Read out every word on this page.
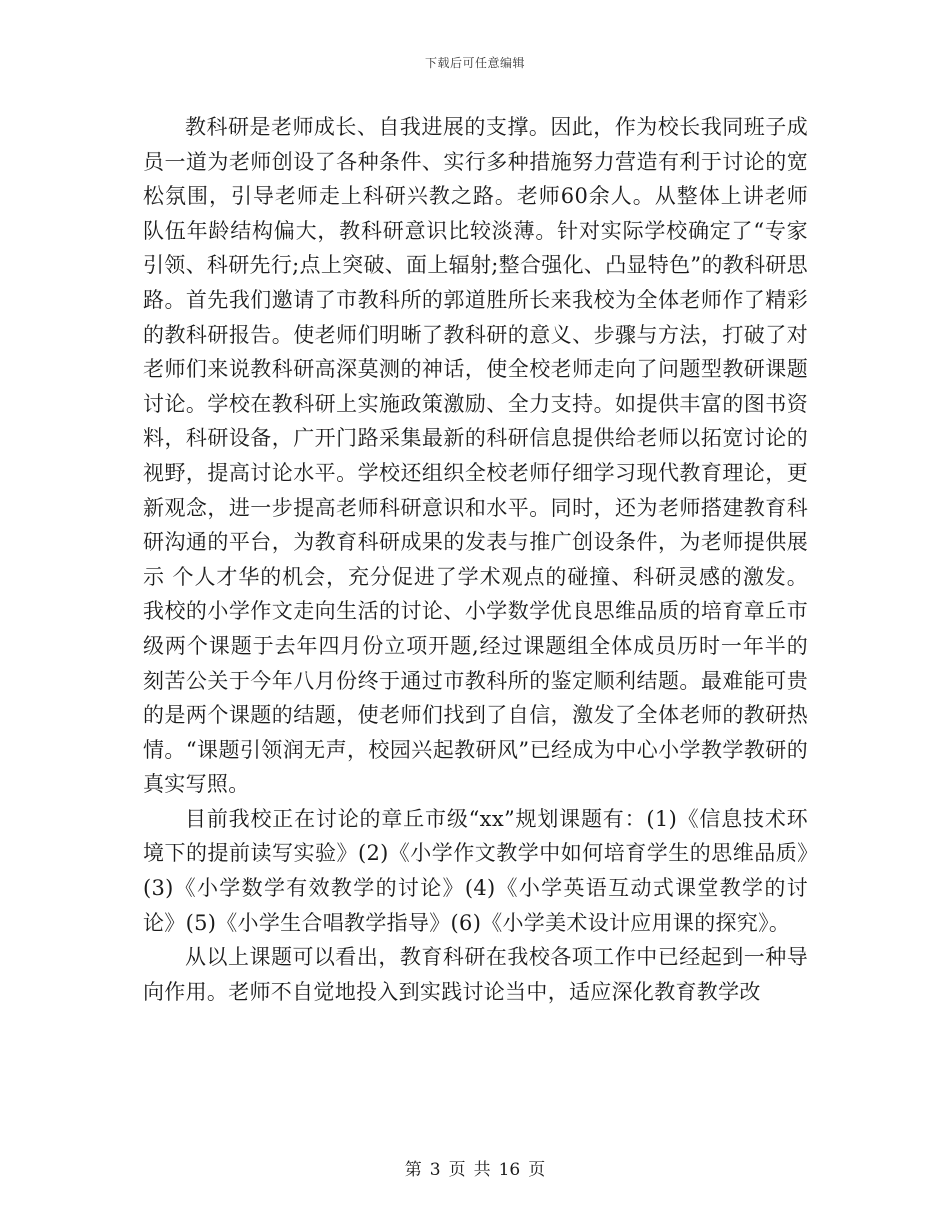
下载后可任意编辑

教科研是老师成长、自我进展的支撑。因此，作为校长我同班子成员一道为老师创设了各种条件、实行多种措施努力营造有利于讨论的宽松氛围，引导老师走上科研兴教之路。老师60余人。从整体上讲老师队伍年龄结构偏大，教科研意识比较淡薄。针对实际学校确定了“专家引领、科研先行;点上突破、面上辐射;整合强化、凸显特色”的教科研思路。首先我们邀请了市教科所的郭道胜所长来我校为全体老师作了精彩的教科研报告。使老师们明晰了教科研的意义、步骤与方法，打破了对老师们来说教科研高深莫测的神话，使全校老师走向了问题型教研课题讨论。学校在教科研上实施政策激励、全力支持。如提供丰富的图书资料，科研设备，广开门路采集最新的科研信息提供给老师以拓宽讨论的视野，提高讨论水平。学校还组织全校老师仔细学习现代教育理论，更新观念，进一步提高老师科研意识和水平。同时，还为老师搭建教育科研沟通的平台，为教育科研成果的发表与推广创设条件，为老师提供展示 个人才华的机会，充分促进了学术观点的碰撞、科研灵感的激发。我校的小学作文走向生活的讨论、小学数学优良思维品质的培育章丘市级两个课题于去年四月份立项开题,经过课题组全体成员历时一年半的刻苦公关于今年八月份终于通过市教科所的鉴定顺利结题。最难能可贵的是两个课题的结题，使老师们找到了自信，激发了全体老师的教研热情。“课题引领润无声，校园兴起教研风”已经成为中心小学教学教研的真实写照。

目前我校正在讨论的章丘市级“xx”规划课题有：(1)《信息技术环境下的提前读写实验》(2)《小学作文教学中如何培育学生的思维品质》(3)《小学数学有效教学的讨论》(4)《小学英语互动式课堂教学的讨论》(5)《小学生合唱教学指导》(6)《小学美术设计应用课的探究》。

从以上课题可以看出，教育科研在我校各项工作中已经起到一种导向作用。老师不自觉地投入到实践讨论当中，适应深化教育教学改

第 3 页 共 16 页
